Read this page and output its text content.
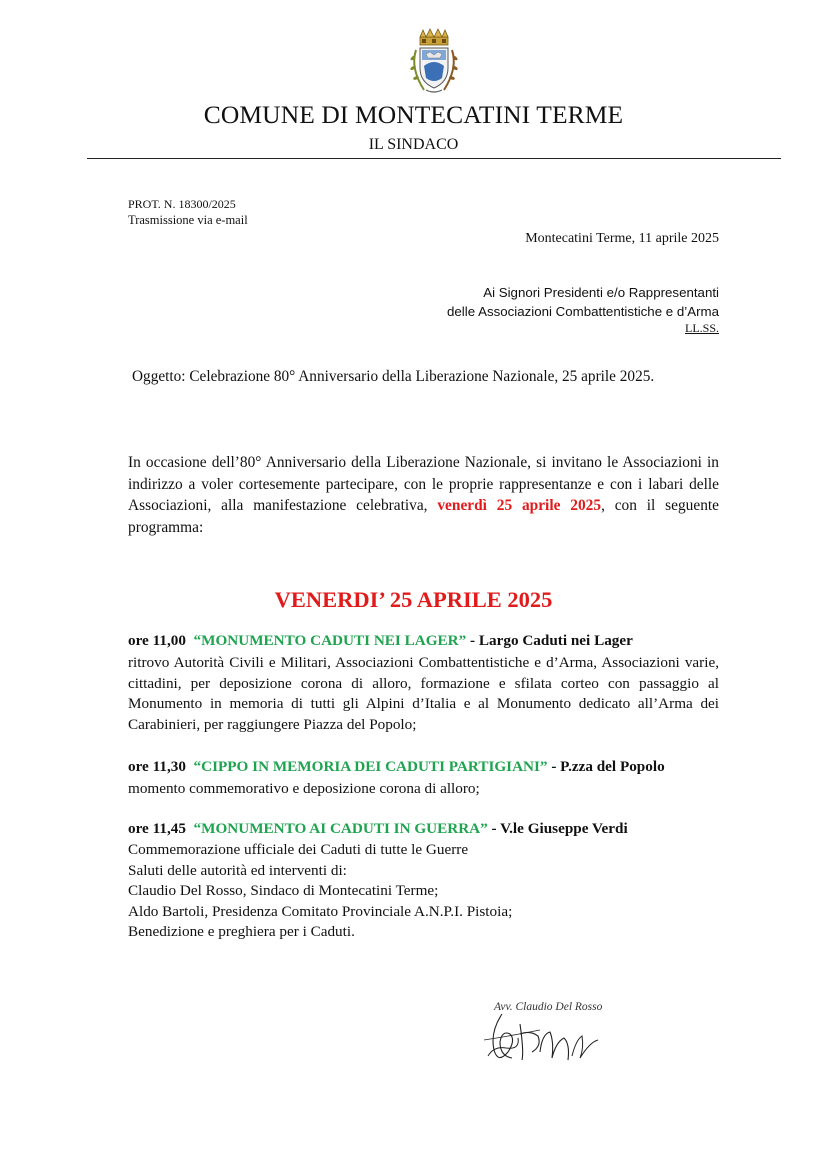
COMUNE DI MONTECATINI TERME
IL SINDACO
PROT. N. 18300/2025
Trasmissione via e-mail
Montecatini Terme, 11 aprile 2025
Ai Signori Presidenti e/o Rappresentanti
delle Associazioni Combattentistiche e d’Arma
LL.SS.
Oggetto: Celebrazione 80° Anniversario della Liberazione Nazionale, 25 aprile 2025.
In occasione dell’80° Anniversario della Liberazione Nazionale, si invitano le Associazioni in indirizzo a voler cortesemente partecipare, con le proprie rappresentanze e con i labari delle Associazioni, alla manifestazione celebrativa, venerdì 25 aprile 2025, con il seguente programma:
VENERDI’ 25 APRILE 2025
ore 11,00 “MONUMENTO CADUTI NEI LAGER” - Largo Caduti nei Lager
ritrovo Autorità Civili e Militari, Associazioni Combattentistiche e d’Arma, Associazioni varie, cittadini, per deposizione corona di alloro, formazione e sfilata corteo con passaggio al Monumento in memoria di tutti gli Alpini d’Italia e al Monumento dedicato all’Arma dei Carabinieri, per raggiungere Piazza del Popolo;
ore 11,30 “CIPPO IN MEMORIA DEI CADUTI PARTIGIANI” - P.zza del Popolo
momento commemorativo e deposizione corona di alloro;
ore 11,45 “MONUMENTO AI CADUTI IN GUERRA” - V.le Giuseppe Verdi
Commemorazione ufficiale dei Caduti di tutte le Guerre
Saluti delle autorità ed interventi di:
Claudio Del Rosso, Sindaco di Montecatini Terme;
Aldo Bartoli, Presidenza Comitato Provinciale A.N.P.I. Pistoia;
Benedizione e preghiera per i Caduti.
Avv. Claudio Del Rosso
